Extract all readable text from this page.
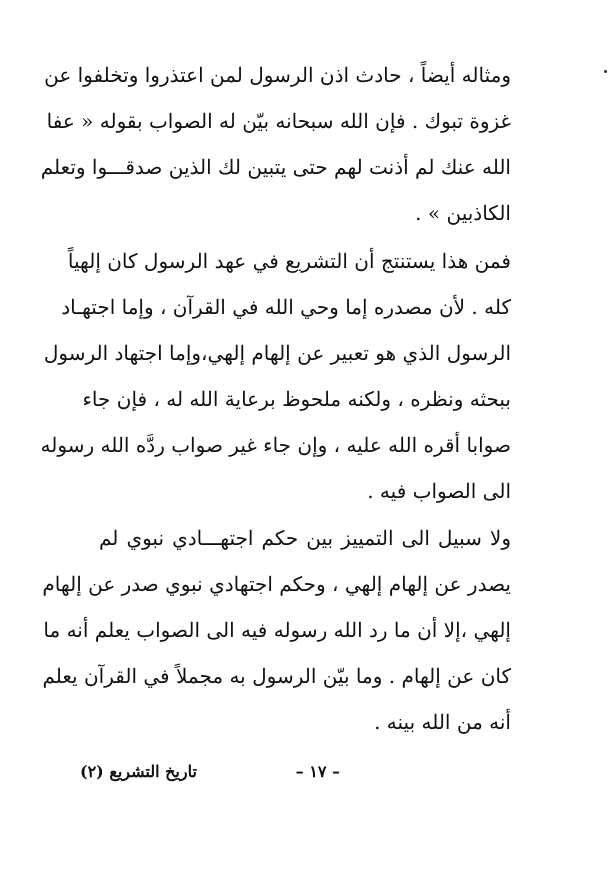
ومثاله أيضاً ، حادث اذن الرسول لمن اعتذروا وتخلفوا عن
غزوة تبوك . فإن الله سبحانه بيّن له الصواب بقوله « عفا
الله عنك لم أذنت لهم حتى يتبين لك الذين صدقـــوا وتعلم
الكاذبين » .
فمن هذا يستنتج أن التشريع في عهد الرسول كان إلهياً
كله . لأن مصدره إما وحي الله في القرآن ، وإما اجتهـاد
الرسول الذي هو تعبير عن إلهام إلهي،وإما اجتهاد الرسول
ببحثه ونظره ، ولكنه ملحوظ برعاية الله له ، فإن جاء
صوابا أقره الله عليه ، وإن جاء غير صواب ردَّه الله رسوله
الى الصواب فيه .
ولا سبيل الى التمييز بين حكم اجتهـــادي نبوي لم
يصدر عن إلهام إلهي ، وحكم اجتهادي نبوي صدر عن إلهام
إلهي ،إلا أن ما رد الله رسوله فيه الى الصواب يعلم أنه ما
كان عن إلهام . وما بيّن الرسول به مجملاً في القرآن يعلم
أنه من الله بينه .
– ١٧ –
تاريخ التشريع (٢)
